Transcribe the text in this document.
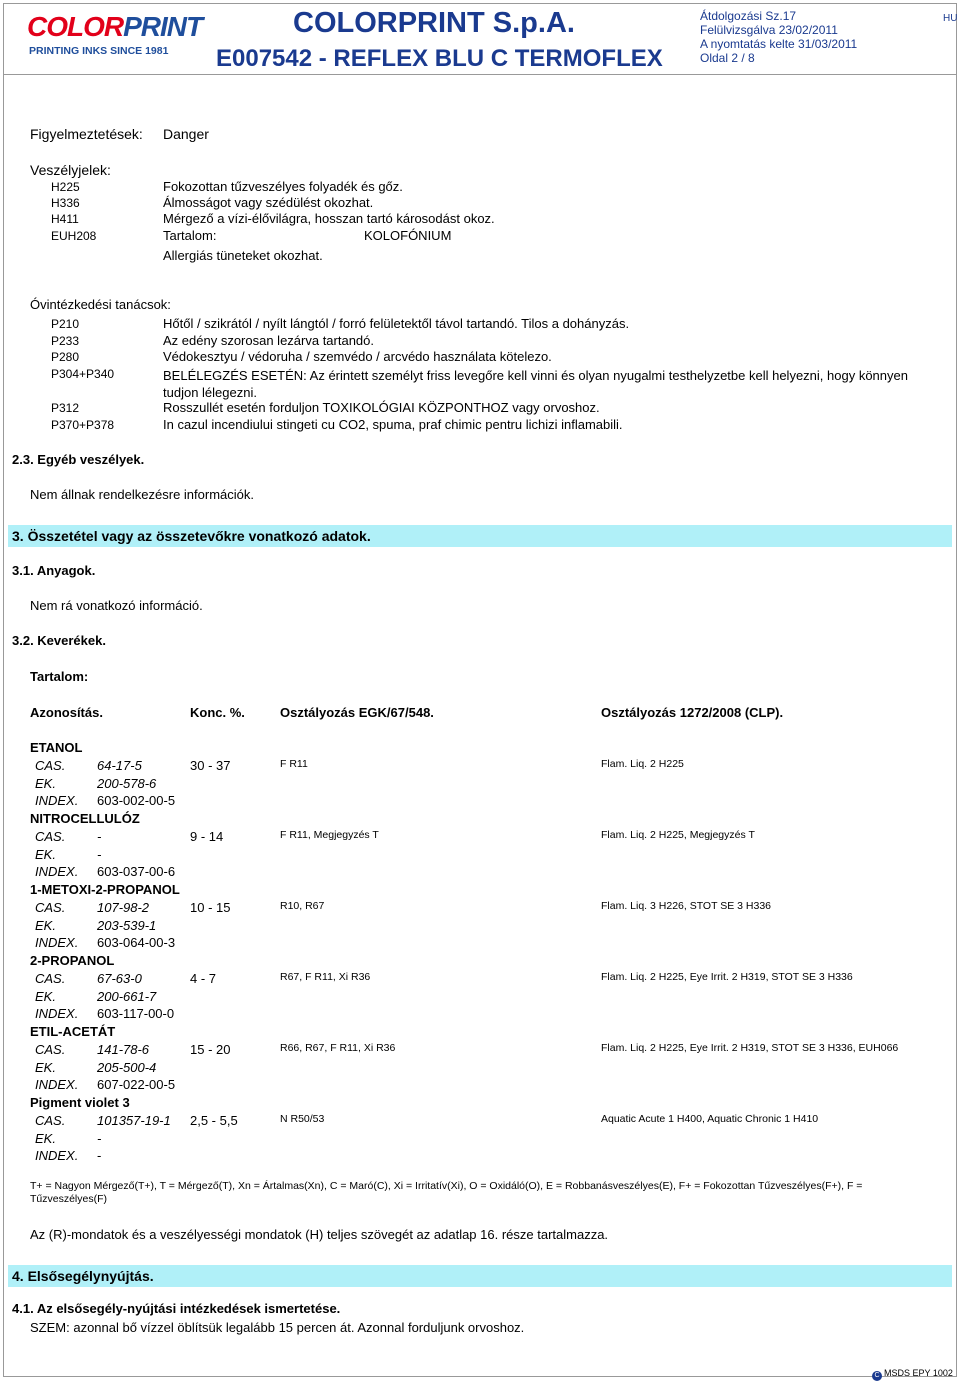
COLORPRINT
PRINTING INKS SINCE 1981
COLORPRINT S.p.A.
E007542 - REFLEX BLU C TERMOFLEX
Átdolgozási Sz.17
Felülvizsgálva 23/02/2011
A nyomtatás kelte 31/03/2011
Oldal 2 / 8
HU
Figyelmeztetések: Danger
Veszélyjelek:
H225	Fokozottan tűzveszélyes folyadék és gőz.
H336	Álmosságot vagy szédülést okozhat.
H411	Mérgező a vízi-élővilágra, hosszan tartó károsodást okoz.
EUH208	Tartalom:	KOLOFÓNIUM
Allergiás tüneteket okozhat.
Óvintézkedési tanácsok:
P210	Hőtől / szikrától / nyílt lángtól / forró felületektől távol tartandó. Tilos a dohányzás.
P233	Az edény szorosan lezárva tartandó.
P280	Védokesztyu / védoruha / szemvédo / arcvédo használata kötelezo.
P304+P340	BELÉLEGZÉS ESETÉN: Az érintett személyt friss levegőre kell vinni és olyan nyugalmi testhelyzetbe kell helyezni, hogy könnyen tudjon lélegezni.
P312	Rosszullét esetén forduljon TOXIKOLÓGIAI KÖZPONTHOZ vagy orvoshoz.
P370+P378	In cazul incendiului stingeti cu CO2, spuma, praf chimic pentru lichizi inflamabili.
2.3. Egyéb veszélyek.
Nem állnak rendelkezésre információk.
3. Összetétel vagy az összetevőkre vonatkozó adatok.
3.1. Anyagok.
Nem rá vonatkozó információ.
3.2. Keverékek.
Tartalom:
Azonosítás.	Konc. %.	Osztályozás EGK/67/548.	Osztályozás 1272/2008 (CLP).
ETANOL
CAS. 64-17-5	30 - 37	F R11	Flam. Liq. 2 H225
EK.	200-578-6
INDEX. 603-002-00-5
NITROCELLULÓZ
CAS. -	9 - 14	F R11, Megjegyzés T	Flam. Liq. 2 H225, Megjegyzés T
EK.	-
INDEX. 603-037-00-6
1-METOXI-2-PROPANOL
CAS. 107-98-2	10 - 15	R10, R67	Flam. Liq. 3 H226, STOT SE 3 H336
EK.	203-539-1
INDEX. 603-064-00-3
2-PROPANOL
CAS. 67-63-0	4 - 7	R67, F R11, Xi R36	Flam. Liq. 2 H225, Eye Irrit. 2 H319, STOT SE 3 H336
EK.	200-661-7
INDEX. 603-117-00-0
ETIL-ACETÁT
CAS. 141-78-6	15 - 20	R66, R67, F R11, Xi R36	Flam. Liq. 2 H225, Eye Irrit. 2 H319, STOT SE 3 H336, EUH066
EK.	205-500-4
INDEX. 607-022-00-5
Pigment violet 3
CAS. 101357-19-1 2,5 - 5,5	N R50/53	Aquatic Acute 1 H400, Aquatic Chronic 1 H410
EK.	-
INDEX. -
T+ = Nagyon Mérgező(T+), T = Mérgező(T), Xn = Ártalmas(Xn), C = Maró(C), Xi = Irritatív(Xi), O = Oxidáló(O), E = Robbanásveszélyes(E), F+ = Fokozottan Tűzveszélyes(F+), F = Tűzveszélyes(F)
Az (R)-mondatok és a veszélyességi mondatok (H) teljes szövegét az adatlap 16. része tartalmazza.
4. Elsősegélynyújtás.
4.1. Az elsősegély-nyújtási intézkedések ismertetése.
SZEM: azonnal bő vízzel öblítsük legalább 15 percen át. Azonnal forduljunk orvoshoz.
C MSDS EPY 1002
